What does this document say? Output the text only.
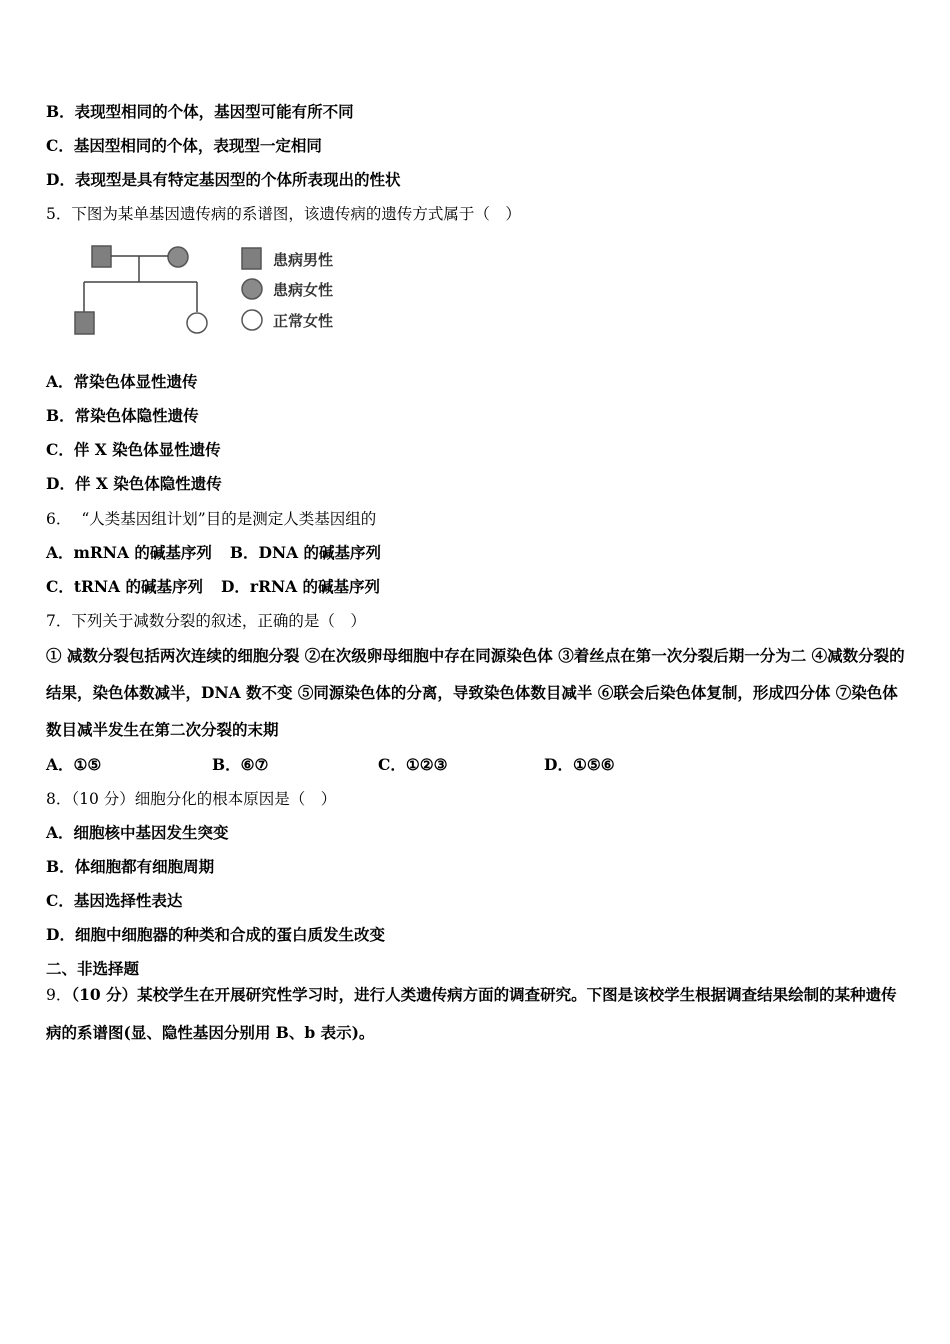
B．表现型相同的个体，基因型可能有所不同
C．基因型相同的个体，表现型一定相同
D．表现型是具有特定基因型的个体所表现出的性状
5．下图为某单基因遗传病的系谱图，该遗传病的遗传方式属于（　）
患病男性
患病女性
正常女性
A．常染色体显性遗传
B．常染色体隐性遗传
C．伴 X 染色体显性遗传
D．伴 X 染色体隐性遗传
6． “人类基因组计划”目的是测定人类基因组的
A．mRNA 的碱基序列 B．DNA 的碱基序列
C．tRNA 的碱基序列 D．rRNA 的碱基序列
7．下列关于减数分裂的叙述，正确的是（　）
① 减数分裂包括两次连续的细胞分裂 ②在次级卵母细胞中存在同源染色体 ③着丝点在第一次分裂后期一分为二 ④减数分裂的结果，染色体数减半，DNA 数不变 ⑤同源染色体的分离，导致染色体数目减半 ⑥联会后染色体复制，形成四分体 ⑦染色体数目减半发生在第二次分裂的末期
A．①⑤	B．⑥⑦	C．①②③	D．①⑤⑥
8．（10 分）细胞分化的根本原因是（　）
A．细胞核中基因发生突变
B．体细胞都有细胞周期
C．基因选择性表达
D．细胞中细胞器的种类和合成的蛋白质发生改变
二、非选择题
9．（10 分）某校学生在开展研究性学习时，进行人类遗传病方面的调查研究。下图是该校学生根据调查结果绘制的某种遗传病的系谱图(显、隐性基因分别用 B、b 表示)。
